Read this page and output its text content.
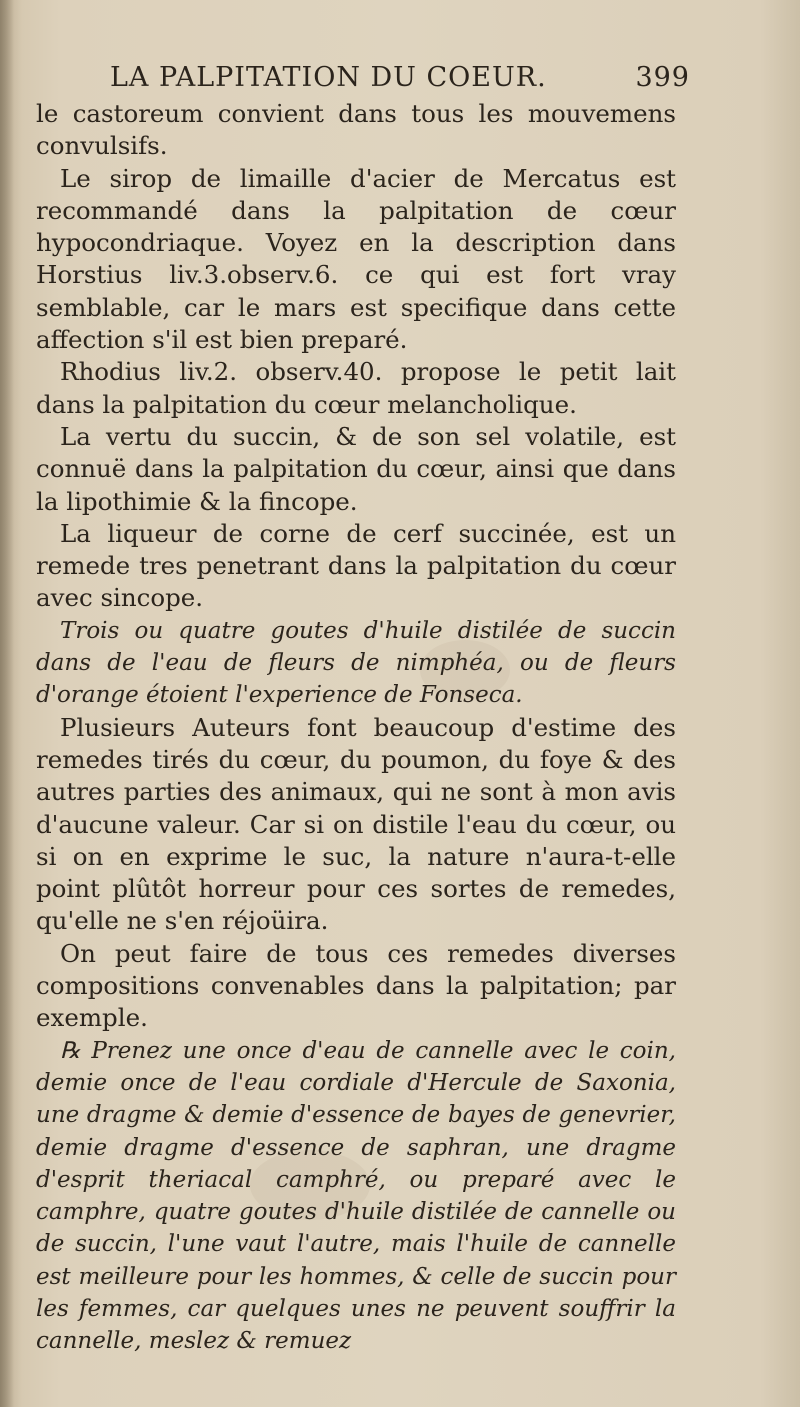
LA PALPITATION DU COEUR.	399

le castoreum convient dans tous les mouvemens convulsifs.

Le sirop de limaille d'acier de Mercatus est recommandé dans la palpitation de cœur hypocondriaque. Voyez en la description dans Horstius liv.3.observ.6. ce qui est fort vray semblable, car le mars est specifique dans cette affection s'il est bien preparé.

Rhodius liv.2. observ.40. propose le petit lait dans la palpitation du cœur melancholique.

La vertu du succin, & de son sel volatile, est connuë dans la palpitation du cœur, ainsi que dans la lipothimie & la fincope.

La liqueur de corne de cerf succinée, est un remede tres penetrant dans la palpitation du cœur avec sincope.

Trois ou quatre goutes d'huile distilée de succin dans de l'eau de fleurs de nimphéa, ou de fleurs d'orange étoient l'experience de Fonseca.

Plusieurs Auteurs font beaucoup d'estime des remedes tirés du cœur, du poumon, du foye & des autres parties des animaux, qui ne sont à mon avis d'aucune valeur. Car si on distile l'eau du cœur, ou si on en exprime le suc, la nature n'aura-t-elle point plûtôt horreur pour ces sortes de remedes, qu'elle ne s'en réjoüira.

On peut faire de tous ces remedes diverses compositions convenables dans la palpitation; par exemple.

℞ Prenez une once d'eau de cannelle avec le coin, demie once de l'eau cordiale d'Hercule de Saxonia, une dragme & demie d'essence de bayes de genevrier, demie dragme d'essence de saphran, une dragme d'esprit theriacal camphré, ou preparé avec le camphre, quatre goutes d'huile distilée de cannelle ou de succin, l'une vaut l'autre, mais l'huile de cannelle est meilleure pour les hommes, & celle de succin pour les femmes, car quelques unes ne peuvent souffrir la cannelle, meslez & remuez
